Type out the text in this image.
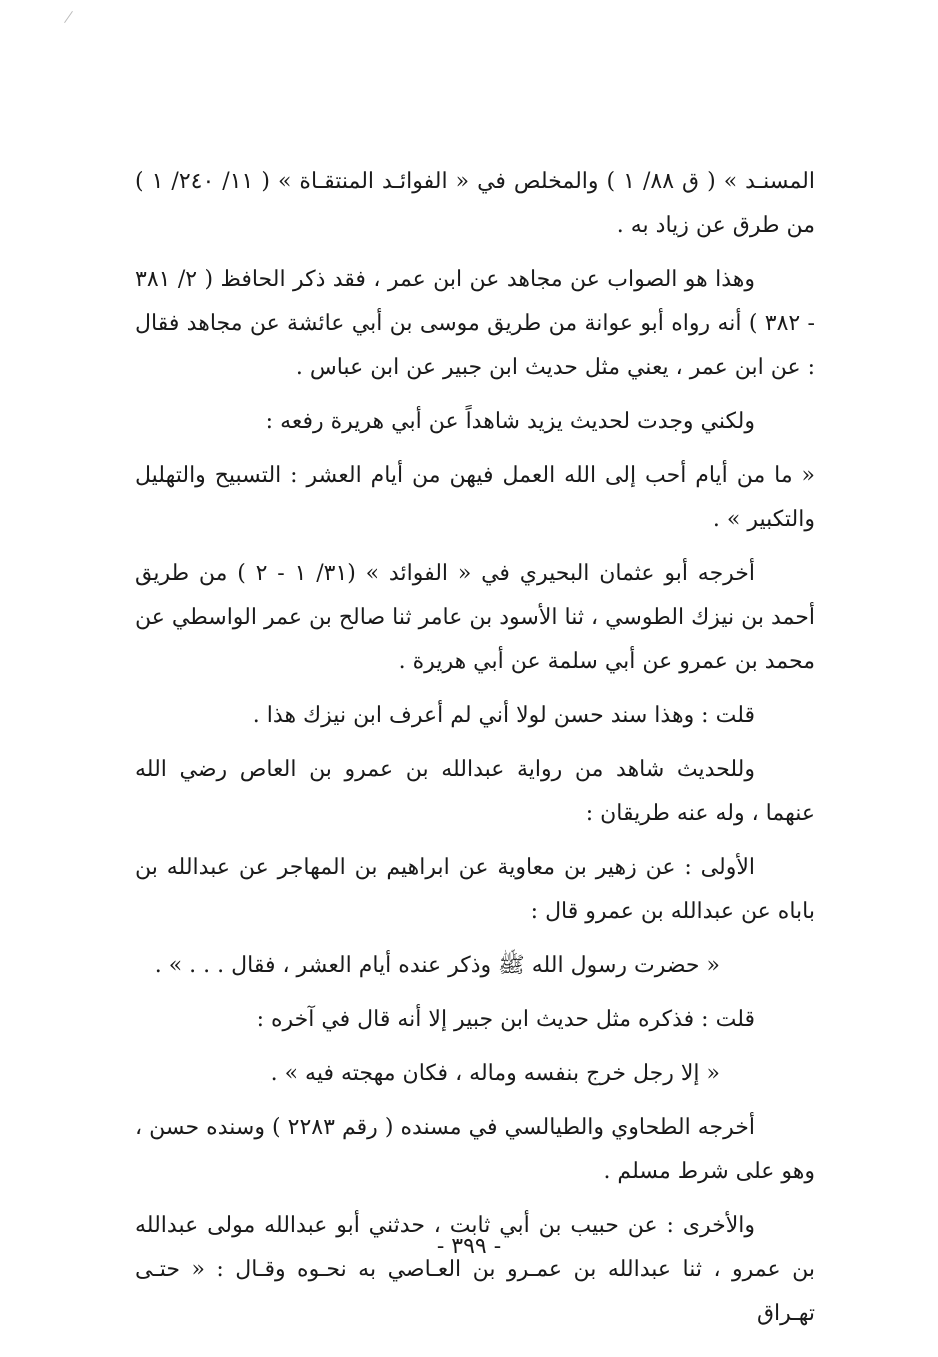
المسنـد » ( ق ٨٨/ ١ ) والمخلص في « الفوائـد المنتقـاة » ( ١١/ ٢٤٠/ ١ ) من طرق عن زياد به .

وهذا هو الصواب عن مجاهد عن ابن عمر ، فقد ذكر الحافظ ( ٢/ ٣٨١ - ٣٨٢ ) أنه رواه أبو عوانة من طريق موسى بن أبي عائشة عن مجاهد فقال : عن ابن عمر ، يعني مثل حديث ابن جبير عن ابن عباس .

ولكني وجدت لحديث يزيد شاهداً عن أبي هريرة رفعه :

« ما من أيام أحب إلى الله العمل فيهن من أيام العشر : التسبيح والتهليل والتكبير » .

أخرجه أبو عثمان البحيري في « الفوائد » (٣١/ ١ - ٢ ) من طريق أحمد بن نيزك الطوسي ، ثنا الأسود بن عامر ثنا صالح بن عمر الواسطي عن محمد بن عمرو عن أبي سلمة عن أبي هريرة .

قلت : وهذا سند حسن لولا أني لم أعرف ابن نيزك هذا .

وللحديث شاهد من رواية عبدالله بن عمرو بن العاص رضي الله عنهما ، وله عنه طريقان :

الأولى : عن زهير بن معاوية عن ابراهيم بن المهاجر عن عبدالله بن باباه عن عبدالله بن عمرو قال :

« حضرت رسول الله ﷺ وذكر عنده أيام العشر ، فقال . . . » .

قلت : فذكره مثل حديث ابن جبير إلا أنه قال في آخره :

« إلا رجل خرج بنفسه وماله ، فكان مهجته فيه » .

أخرجه الطحاوي والطيالسي في مسنده ( رقم ٢٢٨٣ ) وسنده حسن ، وهو على شرط مسلم .

والأخرى : عن حبيب بن أبي ثابت ، حدثني أبو عبدالله مولى عبدالله بن عمرو ، ثنا عبدالله بن عمـرو بن العـاصي به نحـوه وقـال : « حتـى تهـراق

- ٣٩٩ -
